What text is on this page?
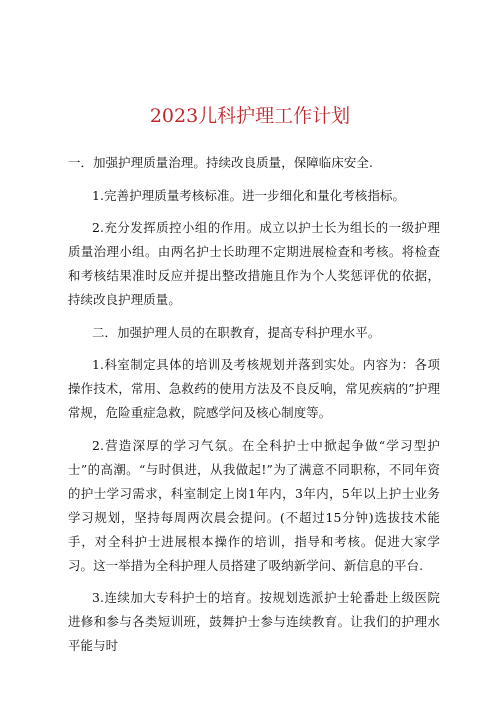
2023儿科护理工作计划

一．加强护理质量治理。持续改良质量，保障临床安全.

1.完善护理质量考核标准。进一步细化和量化考核指标。

2.充分发挥质控小组的作用。成立以护士长为组长的一级护理质量治理小组。由两名护士长助理不定期进展检查和考核。将检查和考核结果准时反应并提出整改措施且作为个人奖惩评优的依据，持续改良护理质量。

二．加强护理人员的在职教育，提高专科护理水平。

1.科室制定具体的培训及考核规划并落到实处。内容为：各项操作技术，常用、急救药的使用方法及不良反响，常见疾病的”护理常规，危险重症急救，院感学问及核心制度等。

2.营造深厚的学习气氛。在全科护士中掀起争做“学习型护士”的高潮。“与时俱进，从我做起!”为了满意不同职称，不同年资的护士学习需求，科室制定上岗1年内，3年内，5年以上护士业务学习规划，坚持每周两次晨会提问。(不超过15分钟)选拔技术能手，对全科护士进展根本操作的培训，指导和考核。促进大家学习。这一举措为全科护理人员搭建了吸纳新学问、新信息的平台.

3.连续加大专科护士的培育。按规划选派护士轮番赴上级医院进修和参与各类短训班，鼓舞护士参与连续教育。让我们的护理水平能与时
